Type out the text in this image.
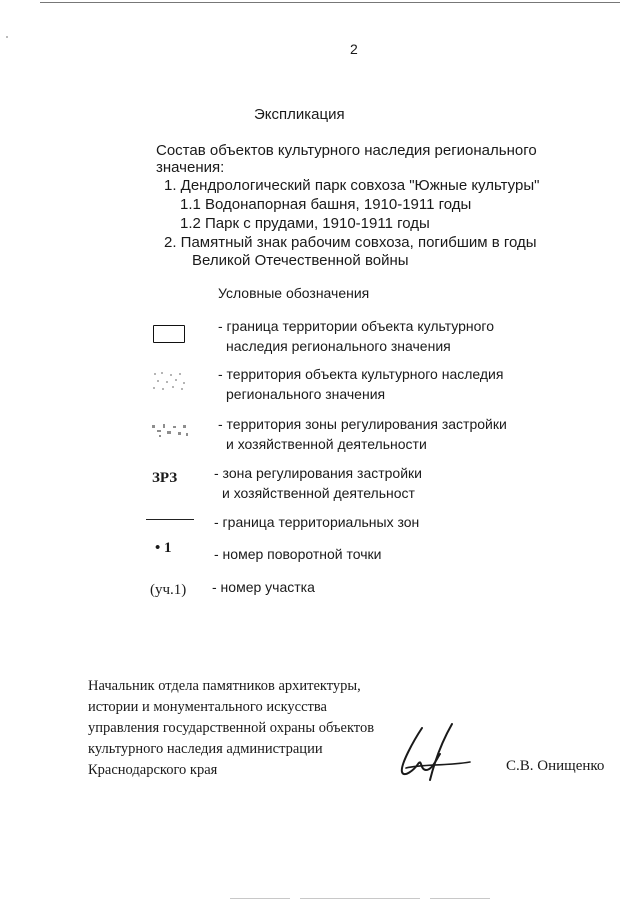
2
Экспликация
Состав объектов культурного наследия регионального
значения:
1. Дендрологический парк совхоза "Южные культуры"
1.1 Водонапорная башня, 1910-1911 годы
1.2 Парк с прудами, 1910-1911 годы
2. Памятный знак рабочим совхоза, погибшим в годы
Великой Отечественной войны
Условные обозначения
- граница территории объекта культурного
наследия регионального значения
- территория объекта культурного наследия
регионального значения
- территория зоны регулирования застройки
и хозяйственной деятельности
ЗРЗ	- зона регулирования застройки
и хозяйственной деятельност
- граница территориальных зон
• 1	- номер поворотной точки
(уч.1) - номер участка
Начальник отдела памятников архитектуры,
истории и монументального искусства
управления государственной охраны объектов
культурного наследия администрации
Краснодарского края	С.В. Онищенко
